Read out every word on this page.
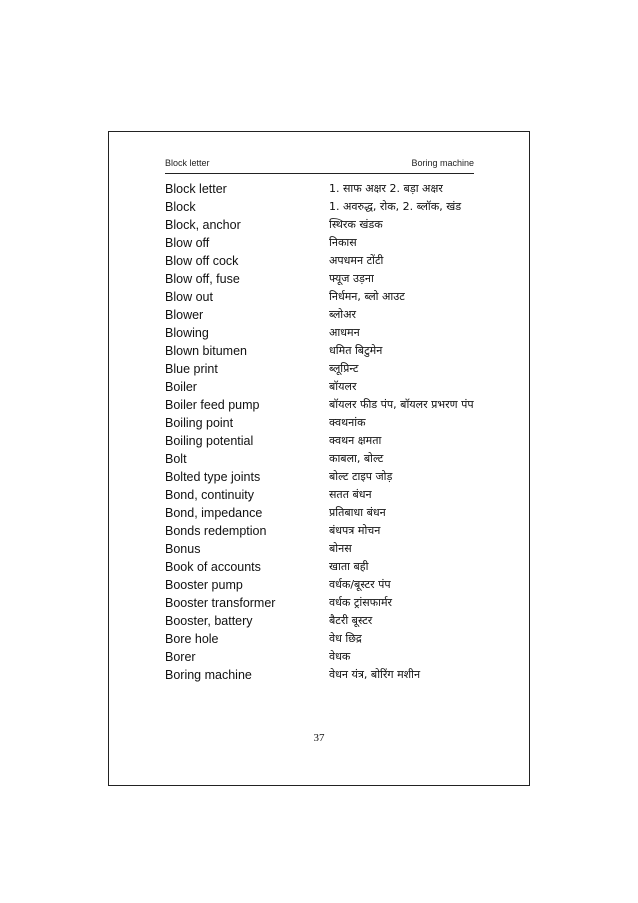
Block letter	Boring machine
Block letter	1. साफ अक्षर 2. बड़ा अक्षर
Block	1. अवरुद्ध, रोक, 2. ब्लॉक, खंड
Block, anchor	स्थिरक खंडक
Blow off	निकास
Blow off cock	अपधमन टोंटी
Blow off, fuse	फ्यूज उड़ना
Blow out	निर्धमन, ब्लो आउट
Blower	ब्लोअर
Blowing	आधमन
Blown bitumen	धमित बिटुमेन
Blue print	ब्लूप्रिन्ट
Boiler	बॉयलर
Boiler feed pump	बॉयलर फीड पंप, बॉयलर प्रभरण पंप
Boiling point	क्वथनांक
Boiling potential	क्वथन क्षमता
Bolt	काबला, बोल्ट
Bolted type joints	बोल्ट टाइप जोड़
Bond, continuity	सतत बंधन
Bond, impedance	प्रतिबाधा बंधन
Bonds redemption	बंधपत्र मोचन
Bonus	बोनस
Book of accounts	खाता बही
Booster pump	वर्धक/बूस्टर पंप
Booster transformer	वर्धक ट्रांसफार्मर
Booster, battery	बैटरी बूस्टर
Bore hole	वेध छिद्र
Borer	वेधक
Boring machine	वेधन यंत्र, बोरिंग मशीन
37
